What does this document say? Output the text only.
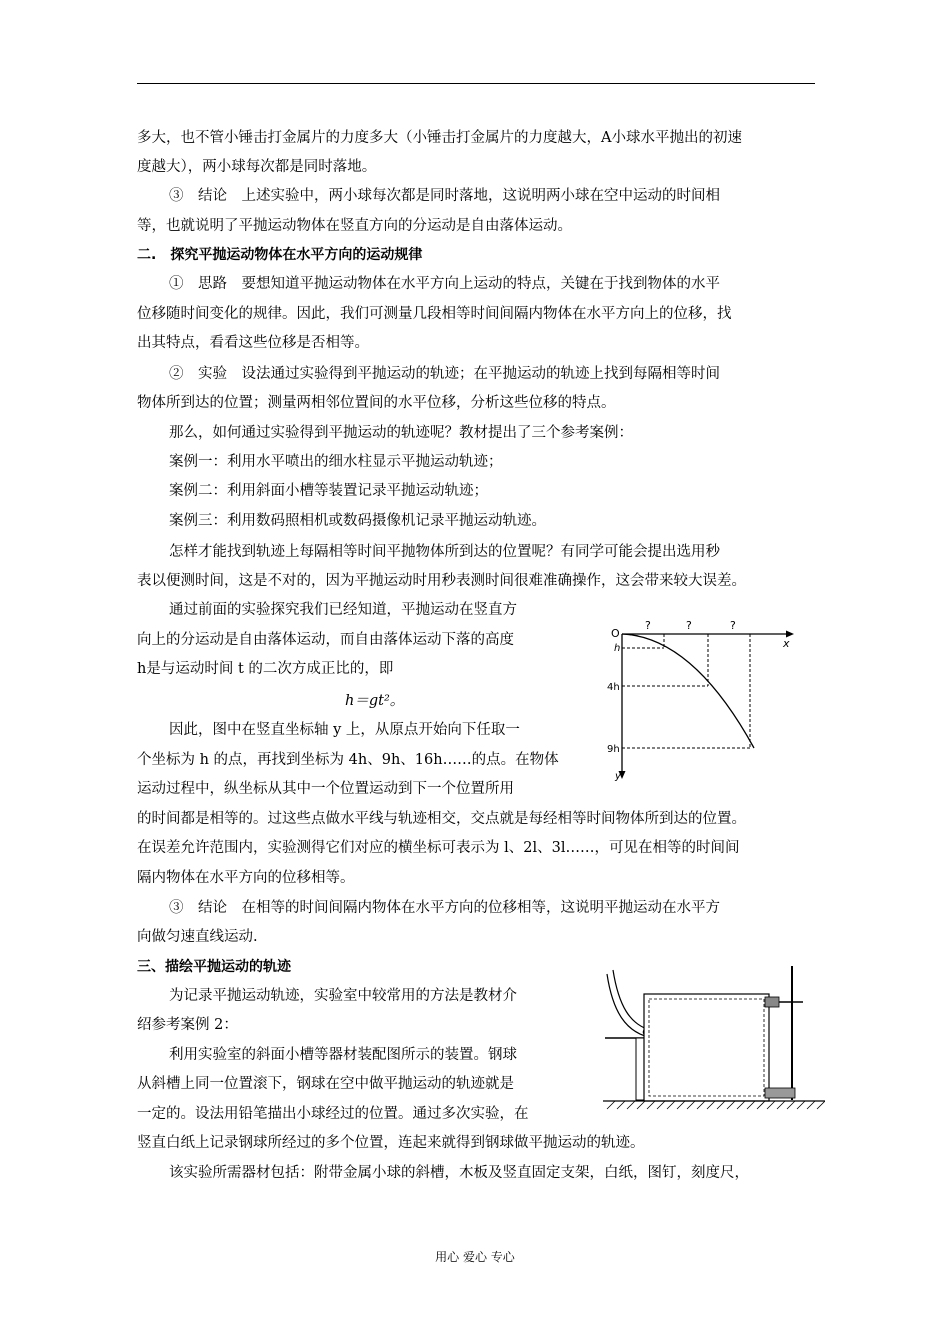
多大，也不管小锤击打金属片的力度多大（小锤击打金属片的力度越大，A小球水平抛出的初速
度越大），两小球每次都是同时落地。
③　结论　上述实验中，两小球每次都是同时落地，这说明两小球在空中运动的时间相
等，也就说明了平抛运动物体在竖直方向的分运动是自由落体运动。
二.　探究平抛运动物体在水平方向的运动规律
①　思路　要想知道平抛运动物体在水平方向上运动的特点，关键在于找到物体的水平
位移随时间变化的规律。因此，我们可测量几段相等时间间隔内物体在水平方向上的位移，找
出其特点，看看这些位移是否相等。
②　实验　设法通过实验得到平抛运动的轨迹；在平抛运动的轨迹上找到每隔相等时间
物体所到达的位置；测量两相邻位置间的水平位移，分析这些位移的特点。
那么，如何通过实验得到平抛运动的轨迹呢？教材提出了三个参考案例：
案例一：利用水平喷出的细水柱显示平抛运动轨迹；
案例二：利用斜面小槽等装置记录平抛运动轨迹；
案例三：利用数码照相机或数码摄像机记录平抛运动轨迹。
怎样才能找到轨迹上每隔相等时间平抛物体所到达的位置呢？有同学可能会提出选用秒
表以便测时间，这是不对的，因为平抛运动时用秒表测时间很难准确操作，这会带来较大误差。
通过前面的实验探究我们已经知道，平抛运动在竖直方
向上的分运动是自由落体运动，而自由落体运动下落的高度
h是与运动时间 t 的二次方成正比的，即
h＝gt²。
因此，图中在竖直坐标轴 y 上，从原点开始向下任取一
个坐标为 h 的点，再找到坐标为 4h、9h、16h……的点。在物体
运动过程中，纵坐标从其中一个位置运动到下一个位置所用
的时间都是相等的。过这些点做水平线与轨迹相交，交点就是每经相等时间物体所到达的位置。
在误差允许范围内，实验测得它们对应的横坐标可表示为 l、2l、3l……，可见在相等的时间间
隔内物体在水平方向的位移相等。
③　结论　在相等的时间间隔内物体在水平方向的位移相等，这说明平抛运动在水平方
向做匀速直线运动.
三、描绘平抛运动的轨迹
为记录平抛运动轨迹，实验室中较常用的方法是教材介
绍参考案例 2：
利用实验室的斜面小槽等器材装配图所示的装置。钢球
从斜槽上同一位置滚下，钢球在空中做平抛运动的轨迹就是
一定的。设法用铅笔描出小球经过的位置。通过多次实验，在
竖直白纸上记录钢球所经过的多个位置，连起来就得到钢球做平抛运动的轨迹。
该实验所需器材包括：附带金属小球的斜槽，木板及竖直固定支架，白纸，图钉，刻度尺，
O
x
y
?	?	?
h
4h
9h
用心 爱心 专心
